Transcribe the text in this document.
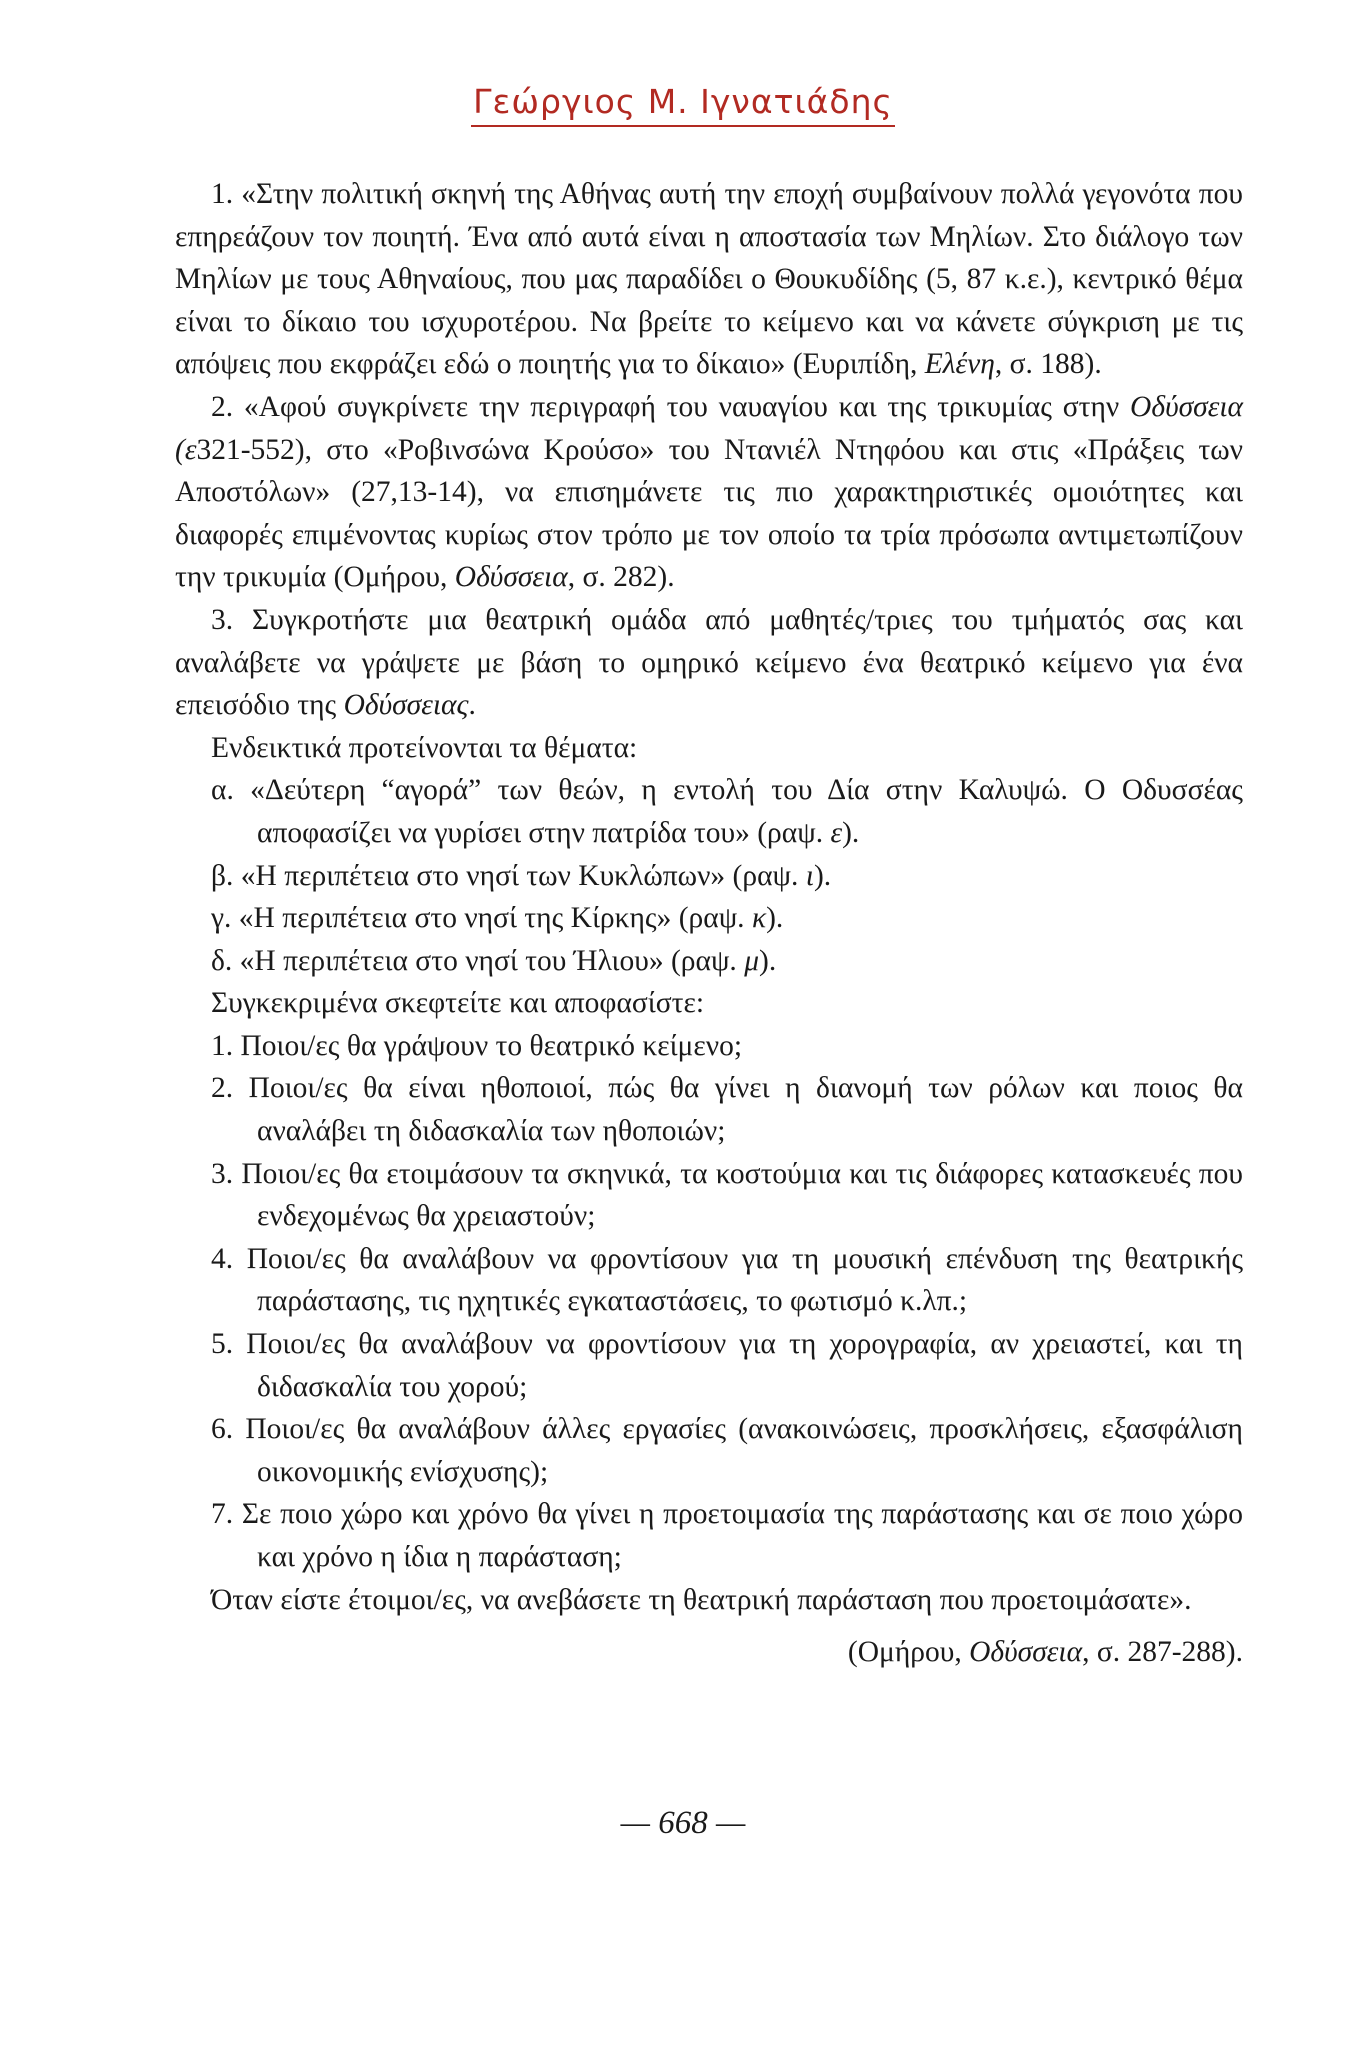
Γεώργιος Μ. Ιγνατιάδης

1. «Στην πολιτική σκηνή της Αθήνας αυτή την εποχή συμβαίνουν πολλά γεγονότα που επηρεάζουν τον ποιητή. Ένα από αυτά είναι η αποστασία των Μηλίων. Στο διάλογο των Μηλίων με τους Αθηναίους, που μας παραδίδει ο Θουκυδίδης (5, 87 κ.ε.), κεντρικό θέμα είναι το δίκαιο του ισχυροτέρου. Να βρείτε το κείμενο και να κάνετε σύγκριση με τις απόψεις που εκφράζει εδώ ο ποιητής για το δίκαιο» (Ευριπίδη, Ελένη, σ. 188).

2. «Αφού συγκρίνετε την περιγραφή του ναυαγίου και της τρικυμίας στην Οδύσσεια (ε321-552), στο «Ροβινσώνα Κρούσο» του Ντανιέλ Ντηφόου και στις «Πράξεις των Αποστόλων» (27,13-14), να επισημάνετε τις πιο χαρακτηριστικές ομοιότητες και διαφορές επιμένοντας κυρίως στον τρόπο με τον οποίο τα τρία πρόσωπα αντιμετωπίζουν την τρικυμία (Ομήρου, Οδύσσεια, σ. 282).

3. Συγκροτήστε μια θεατρική ομάδα από μαθητές/τριες του τμήματός σας και αναλάβετε να γράψετε με βάση το ομηρικό κείμενο ένα θεατρικό κείμενο για ένα επεισόδιο της Οδύσσειας.

Ενδεικτικά προτείνονται τα θέματα:

α. «Δεύτερη “αγορά” των θεών, η εντολή του Δία στην Καλυψώ. Ο Οδυσσέας αποφασίζει να γυρίσει στην πατρίδα του» (ραψ. ε).

β. «Η περιπέτεια στο νησί των Κυκλώπων» (ραψ. ι).

γ. «Η περιπέτεια στο νησί της Κίρκης» (ραψ. κ).

δ. «Η περιπέτεια στο νησί του Ήλιου» (ραψ. μ).

Συγκεκριμένα σκεφτείτε και αποφασίστε:

1. Ποιοι/ες θα γράψουν το θεατρικό κείμενο;

2. Ποιοι/ες θα είναι ηθοποιοί, πώς θα γίνει η διανομή των ρόλων και ποιος θα αναλάβει τη διδασκαλία των ηθοποιών;

3. Ποιοι/ες θα ετοιμάσουν τα σκηνικά, τα κοστούμια και τις διάφορες κατασκευές που ενδεχομένως θα χρειαστούν;

4. Ποιοι/ες θα αναλάβουν να φροντίσουν για τη μουσική επένδυση της θεατρικής παράστασης, τις ηχητικές εγκαταστάσεις, το φωτισμό κ.λπ.;

5. Ποιοι/ες θα αναλάβουν να φροντίσουν για τη χορογραφία, αν χρειαστεί, και τη διδασκαλία του χορού;

6. Ποιοι/ες θα αναλάβουν άλλες εργασίες (ανακοινώσεις, προσκλήσεις, εξασφάλιση οικονομικής ενίσχυσης);

7. Σε ποιο χώρο και χρόνο θα γίνει η προετοιμασία της παράστασης και σε ποιο χώρο και χρόνο η ίδια η παράσταση;

Όταν είστε έτοιμοι/ες, να ανεβάσετε τη θεατρική παράσταση που προετοιμάσατε».

(Ομήρου, Οδύσσεια, σ. 287-288).

— 668 —
